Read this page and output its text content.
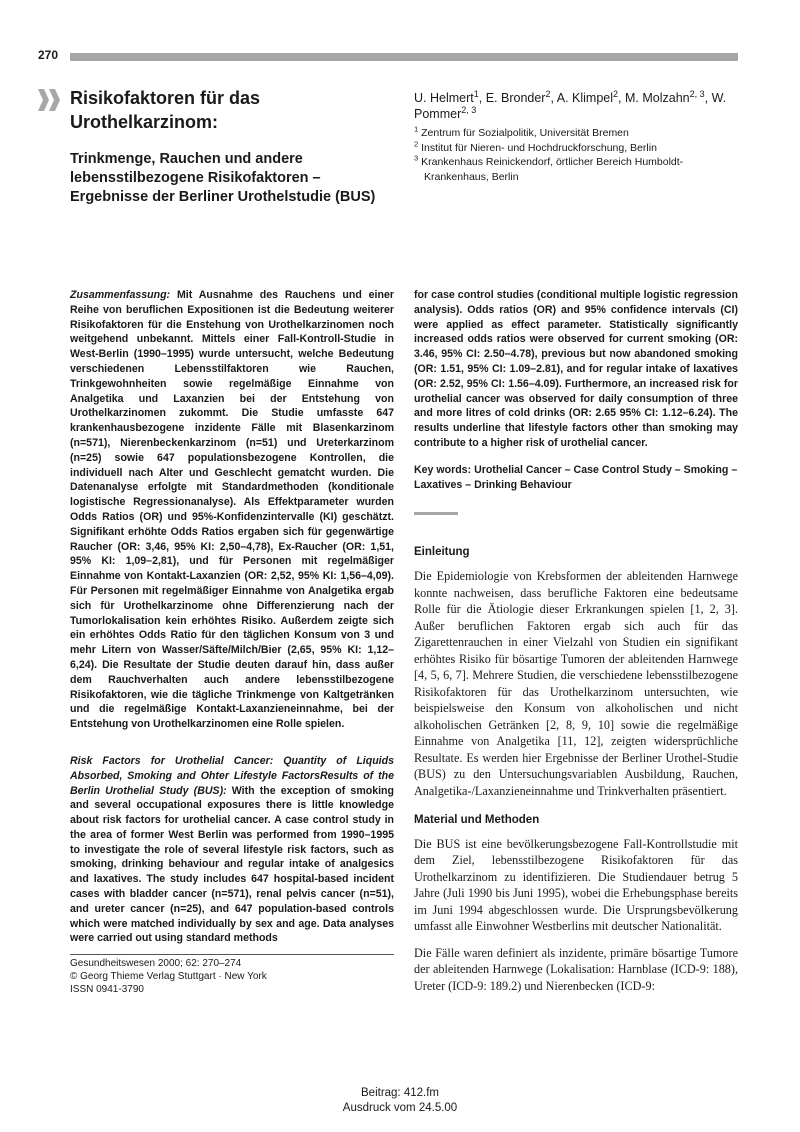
270
Risikofaktoren für das Urothelkarzinom:
Trinkmenge, Rauchen und andere lebensstilbezogene Risikofaktoren – Ergebnisse der Berliner Urothelstudie (BUS)
U. Helmert$^1$, E. Bronder$^2$, A. Klimpel$^2$, M. Molzahn$^{2, 3}$, W. Pommer$^{2, 3}$

$^1$ Zentrum für Sozialpolitik, Universität Bremen

$^2$ Institut für Nieren- und Hochdruckforschung, Berlin

$^3$ Krankenhaus Reinickendorf, örtlicher Bereich Humboldt-Krankenhaus, Berlin

Zusammenfassung: Mit Ausnahme des Rauchens und einer Reihe von beruflichen Expositionen ist die Bedeutung weiterer Risikofaktoren für die Enstehung von Urothelkarzinomen noch weitgehend unbekannt. Mittels einer Fall-Kontroll-Studie in West-Berlin (1990–1995) wurde untersucht, welche Bedeutung verschiedenen Lebensstilfaktoren wie Rauchen, Trinkgewohnheiten sowie regelmäßige Einnahme von Analgetika und Laxanzien bei der Entstehung von Urothelkarzinomen zukommt. Die Studie umfasste 647 krankenhausbezogene inzidente Fälle mit Blasenkarzinom (n=571), Nierenbeckenkarzinom (n=51) und Ureterkarzinom (n=25) sowie 647 populationsbezogene Kontrollen, die individuell nach Alter und Geschlecht gematcht wurden. Die Datenanalyse erfolgte mit Standardmethoden (konditionale logistische Regressionanalyse). Als Effektparameter wurden Odds Ratios (OR) und 95%-Konfidenzintervalle (KI) geschätzt. Signifikant erhöhte Odds Ratios ergaben sich für gegenwärtige Raucher (OR: 3,46, 95% KI: 2,50–4,78), Ex-Raucher (OR: 1,51, 95% KI: 1,09–2,81), und für Personen mit regelmäßiger Einnahme von Kontakt-Laxanzien (OR: 2,52, 95% KI: 1,56–4,09). Für Personen mit regelmäßiger Einnahme von Analgetika ergab sich für Urothelkarzinome ohne Differenzierung nach der Tumorlokalisation kein erhöhtes Risiko. Außerdem zeigte sich ein erhöhtes Odds Ratio für den täglichen Konsum von 3 und mehr Litern von Wasser/Säfte/Milch/Bier (2,65, 95% KI: 1,12–6,24). Die Resultate der Studie deuten darauf hin, dass außer dem Rauchverhalten auch andere lebensstilbezogene Risikofaktoren, wie die tägliche Trinkmenge von Kaltgetränken und die regelmäßige Kontakt-Laxanzieneinnahme, bei der Entstehung von Urothelkarzinomen eine Rolle spielen.

Risk Factors for Urothelial Cancer: Quantity of Liquids Absorbed, Smoking and Ohter Lifestyle FactorsResults of the Berlin Urothelial Study (BUS): With the exception of smoking and several occupational exposures there is little knowledge about risk factors for urothelial cancer. A case control study in the area of former West Berlin was performed from 1990–1995 to investigate the role of several lifestyle risk factors, such as smoking, drinking behaviour and regular intake of analgesics and laxatives. The study includes 647 hospital-based incident cases with bladder cancer (n=571), renal pelvis cancer (n=51), and ureter cancer (n=25), and 647 population-based controls which were matched individually by sex and age. Data analyses were carried out using standard methods

for case control studies (conditional multiple logistic regression analysis). Odds ratios (OR) and 95% confidence intervals (CI) were applied as effect parameter. Statistically significantly increased odds ratios were observed for current smoking (OR: 3.46, 95% CI: 2.50–4.78), previous but now abandoned smoking (OR: 1.51, 95% CI: 1.09–2.81), and for regular intake of laxatives (OR: 2.52, 95% CI: 1.56–4.09). Furthermore, an increased risk for urothelial cancer was observed for daily consumption of three and more litres of cold drinks (OR: 2.65 95% CI: 1.12–6.24). The results underline that lifestyle factors other than smoking may contribute to a higher risk of urothelial cancer.

Key words: Urothelial Cancer – Case Control Study – Smoking – Laxatives – Drinking Behaviour

Einleitung

Die Epidemiologie von Krebsformen der ableitenden Harnwege konnte nachweisen, dass berufliche Faktoren eine bedeutsame Rolle für die Ätiologie dieser Erkrankungen spielen [1, 2, 3]. Außer beruflichen Faktoren ergab sich auch für das Zigarettenrauchen in einer Vielzahl von Studien ein signifikant erhöhtes Risiko für bösartige Tumoren der ableitenden Harnwege [4, 5, 6, 7]. Mehrere Studien, die verschiedene lebensstilbezogene Risikofaktoren für das Urothelkarzinom untersuchten, wie beispielsweise den Konsum von alkoholischen und nicht alkoholischen Getränken [2, 8, 9, 10] sowie die regelmäßige Einnahme von Analgetika [11, 12], zeigten widersprüchliche Resultate. Es werden hier Ergebnisse der Berliner Urothel-Studie (BUS) zu den Untersuchungsvariablen Ausbildung, Rauchen, Analgetika-/Laxanzieneinnahme und Trinkverhalten präsentiert.

Material und Methoden

Die BUS ist eine bevölkerungsbezogene Fall-Kontrollstudie mit dem Ziel, lebensstilbezogene Risikofaktoren für das Urothelkarzinom zu identifizieren. Die Studiendauer betrug 5 Jahre (Juli 1990 bis Juni 1995), wobei die Erhebungsphase bereits im Juni 1994 abgeschlossen wurde. Die Ursprungsbevölkerung umfasst alle Einwohner Westberlins mit deutscher Nationalität.

Die Fälle waren definiert als inzidente, primäre bösartige Tumore der ableitenden Harnwege (Lokalisation: Harnblase (ICD-9: 188), Ureter (ICD-9: 189.2) und Nierenbecken (ICD-9:

Gesundheitswesen 2000; 62: 270–274

© Georg Thieme Verlag Stuttgart · New York

ISSN 0941-3790

Beitrag: 412.fm

Ausdruck vom 24.5.00
